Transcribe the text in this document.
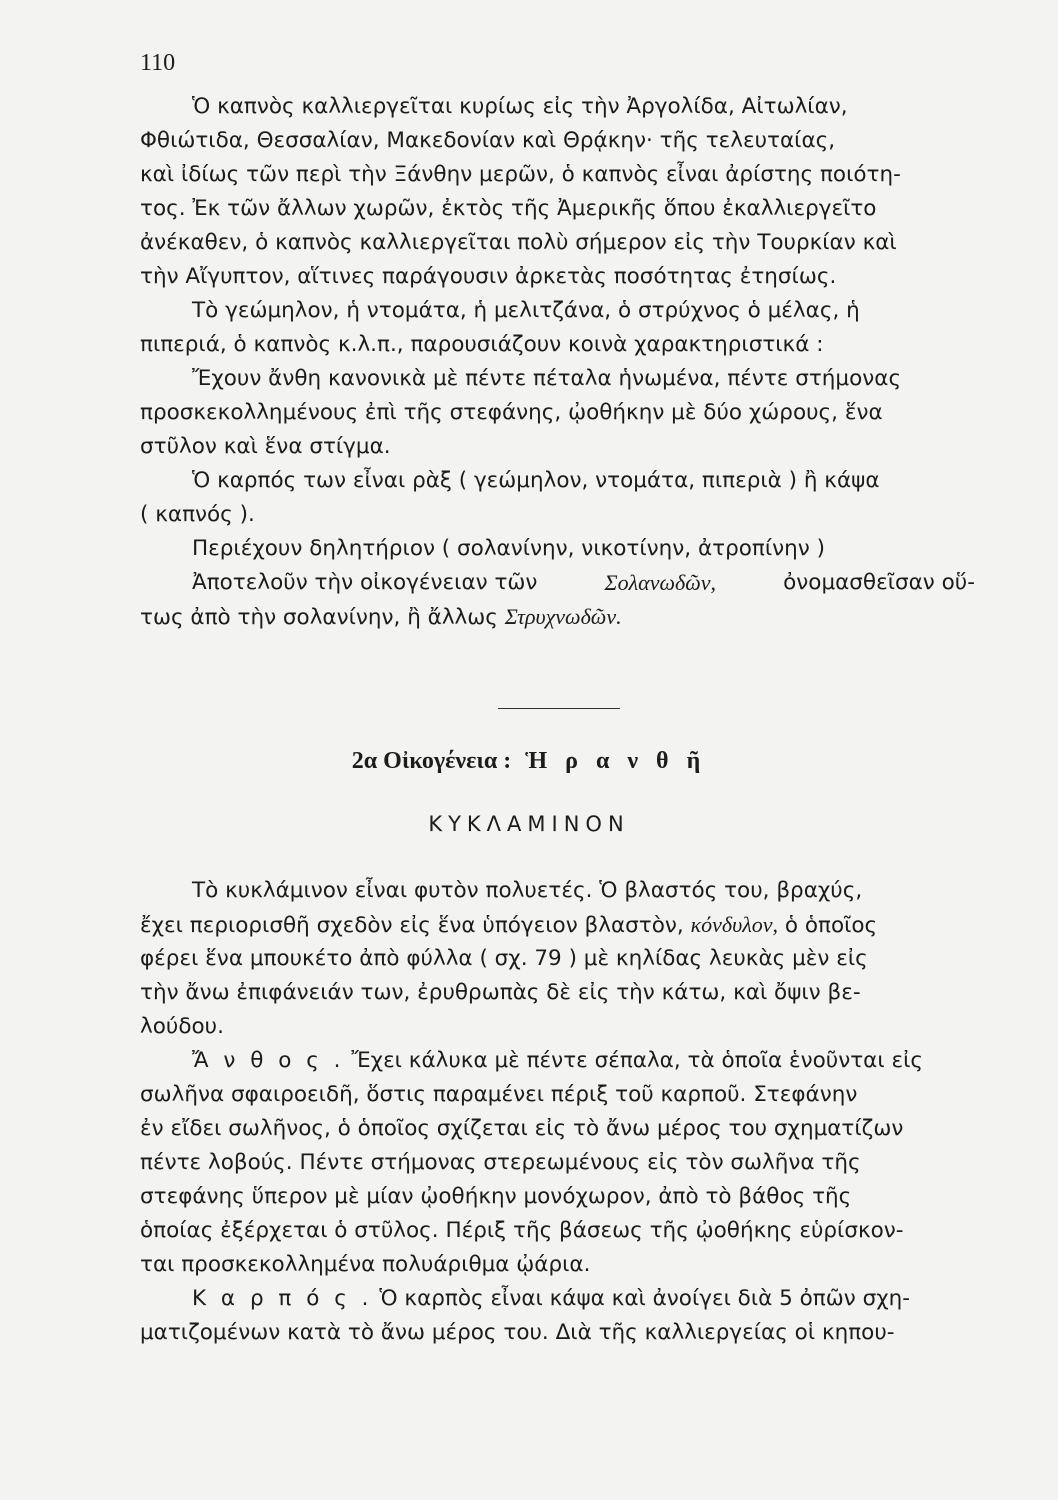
110
Ὁ καπνὸς καλλιεργεῖται κυρίως εἰς τὴν Ἀργολίδα, Αἰτωλίαν,
Φθιώτιδα, Θεσσαλίαν, Μακεδονίαν καὶ Θρᾴκην· τῆς τελευταίας,
καὶ ἰδίως τῶν περὶ τὴν Ξάνθην μερῶν, ὁ καπνὸς εἶναι ἀρίστης ποιότη-
τος. Ἐκ τῶν ἄλλων χωρῶν, ἐκτὸς τῆς Ἀμερικῆς ὅπου ἐκαλλιεργεῖτο
ἀνέκαθεν, ὁ καπνὸς καλλιεργεῖται πολὺ σήμερον εἰς τὴν Τουρκίαν καὶ
τὴν Αἴγυπτον, αἵτινες παράγουσιν ἀρκετὰς ποσότητας ἐτησίως.
Τὸ γεώμηλον, ἡ ντομάτα, ἡ μελιτζάνα, ὁ στρύχνος ὁ μέλας, ἡ
πιπεριά, ὁ καπνὸς κ.λ.π., παρουσιάζουν κοινὰ χαρακτηριστικά :
Ἔχουν ἄνθη κανονικὰ μὲ πέντε πέταλα ἡνωμένα, πέντε στήμονας
προσκεκολλημένους ἐπὶ τῆς στεφάνης, ᾠοθήκην μὲ δύο χώρους, ἕνα
στῦλον καὶ ἕνα στίγμα.
Ὁ καρπός των εἶναι ρὰξ ( γεώμηλον, ντομάτα, πιπεριὰ ) ἢ κάψα
( καπνός ).
Περιέχουν δηλητήριον ( σολανίνην, νικοτίνην, ἀτροπίνην )
Ἀποτελοῦν τὴν οἰκογένειαν τῶν	Σολανωδῶν,	ὀνομασθεῖσαν οὕ-
τως ἀπὸ τὴν σολανίνην, ἢ ἄλλως Στρυχνωδῶν.
2α Οἰκογένεια : Ἡ ρ α ν θ ῆ
ΚΥΚΛΑΜΙΝΟΝ
Τὸ κυκλάμινον εἶναι φυτὸν πολυετές. Ὁ βλαστός του, βραχύς,
ἔχει περιορισθῆ σχεδὸν εἰς ἕνα ὑπόγειον βλαστὸν, κόνδυλον, ὁ ὁποῖος
φέρει ἕνα μπουκέτο ἀπὸ φύλλα ( σχ. 79 ) μὲ κηλίδας λευκὰς μὲν εἰς
τὴν ἄνω ἐπιφάνειάν των, ἐρυθρωπὰς δὲ εἰς τὴν κάτω, καὶ ὄψιν βε-
λούδου.
Ἄ ν θ ο ς . Ἔχει κάλυκα μὲ πέντε σέπαλα, τὰ ὁποῖα ἑνοῦνται εἰς
σωλῆνα σφαιροειδῆ, ὅστις παραμένει πέριξ τοῦ καρποῦ. Στεφάνην
ἐν εἴδει σωλῆνος, ὁ ὁποῖος σχίζεται εἰς τὸ ἄνω μέρος του σχηματίζων
πέντε λοβούς. Πέντε στήμονας στερεωμένους εἰς τὸν σωλῆνα τῆς
στεφάνης ὕπερον μὲ μίαν ᾠοθήκην μονόχωρον, ἀπὸ τὸ βάθος τῆς
ὁποίας ἐξέρχεται ὁ στῦλος. Πέριξ τῆς βάσεως τῆς ᾠοθήκης εὑρίσκον-
ται προσκεκολλημένα πολυάριθμα ᾠάρια.
Κ α ρ π ό ς . Ὁ καρπὸς εἶναι κάψα καὶ ἀνοίγει διὰ 5 ὀπῶν σχη-
ματιζομένων κατὰ τὸ ἄνω μέρος του. Διὰ τῆς καλλιεργείας οἱ κηπου-
